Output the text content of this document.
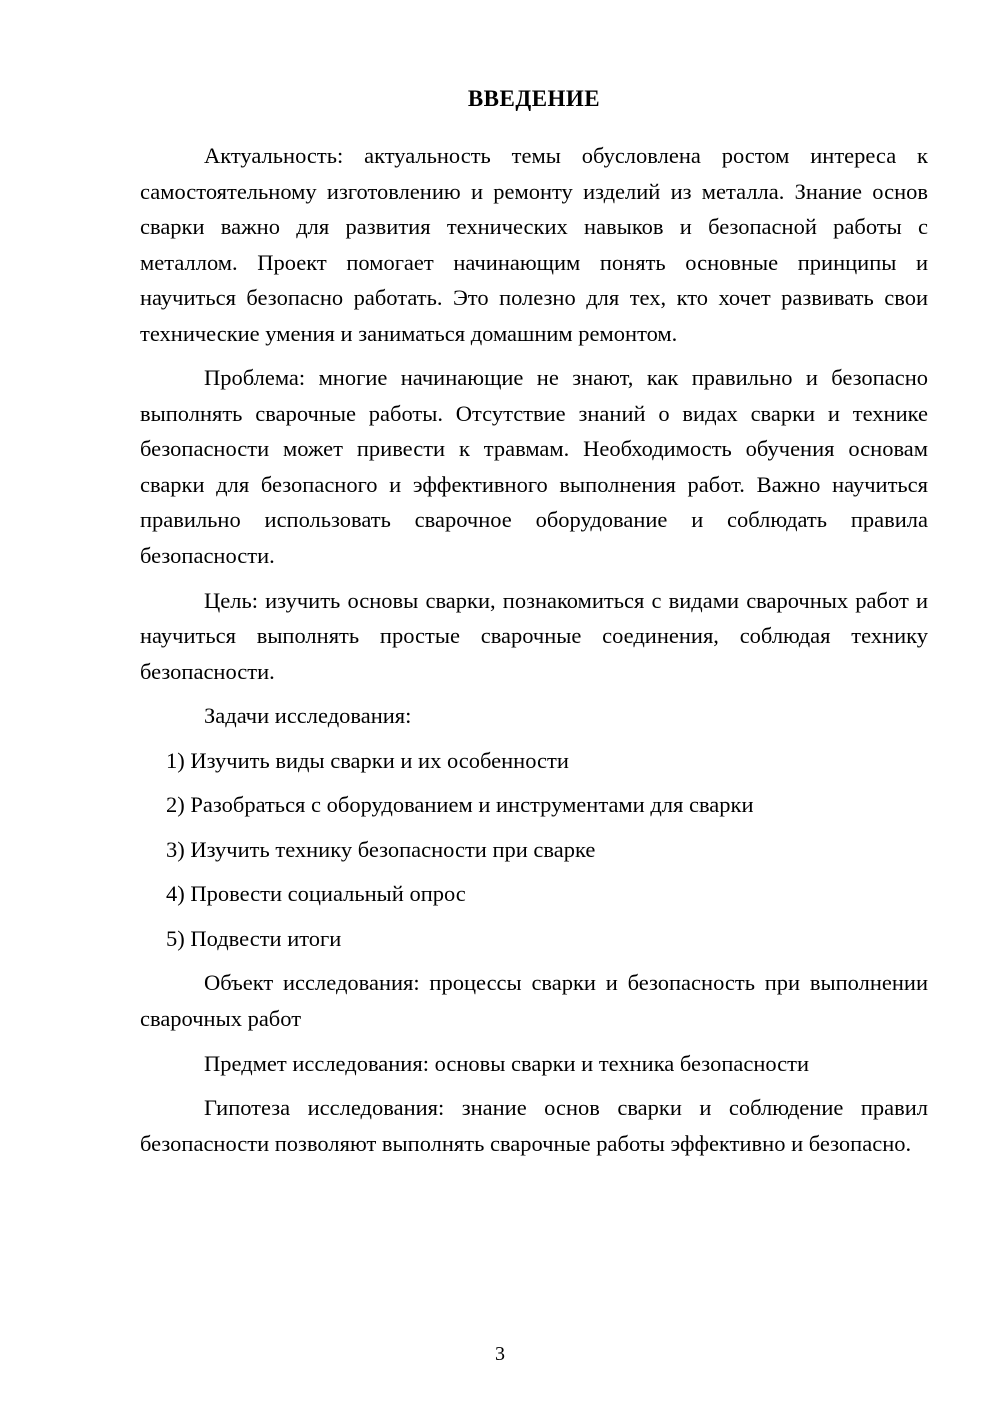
ВВЕДЕНИЕ

Актуальность: актуальность темы обусловлена ростом интереса к самостоятельному изготовлению и ремонту изделий из металла. Знание основ сварки важно для развития технических навыков и безопасной работы с металлом. Проект помогает начинающим понять основные принципы и научиться безопасно работать. Это полезно для тех, кто хочет развивать свои технические умения и заниматься домашним ремонтом.

Проблема: многие начинающие не знают, как правильно и безопасно выполнять сварочные работы. Отсутствие знаний о видах сварки и технике безопасности может привести к травмам. Необходимость обучения основам сварки для безопасного и эффективного выполнения работ. Важно научиться правильно использовать сварочное оборудование и соблюдать правила безопасности.

Цель: изучить основы сварки, познакомиться с видами сварочных работ и научиться выполнять простые сварочные соединения, соблюдая технику безопасности.

Задачи исследования:

1) Изучить виды сварки и их особенности

2) Разобраться с оборудованием и инструментами для сварки

3) Изучить технику безопасности при сварке

4) Провести социальный опрос

5) Подвести итоги

Объект исследования: процессы сварки и безопасность при выполнении сварочных работ

Предмет исследования: основы сварки и техника безопасности

Гипотеза исследования: знание основ сварки и соблюдение правил безопасности позволяют выполнять сварочные работы эффективно и безопасно.

3
